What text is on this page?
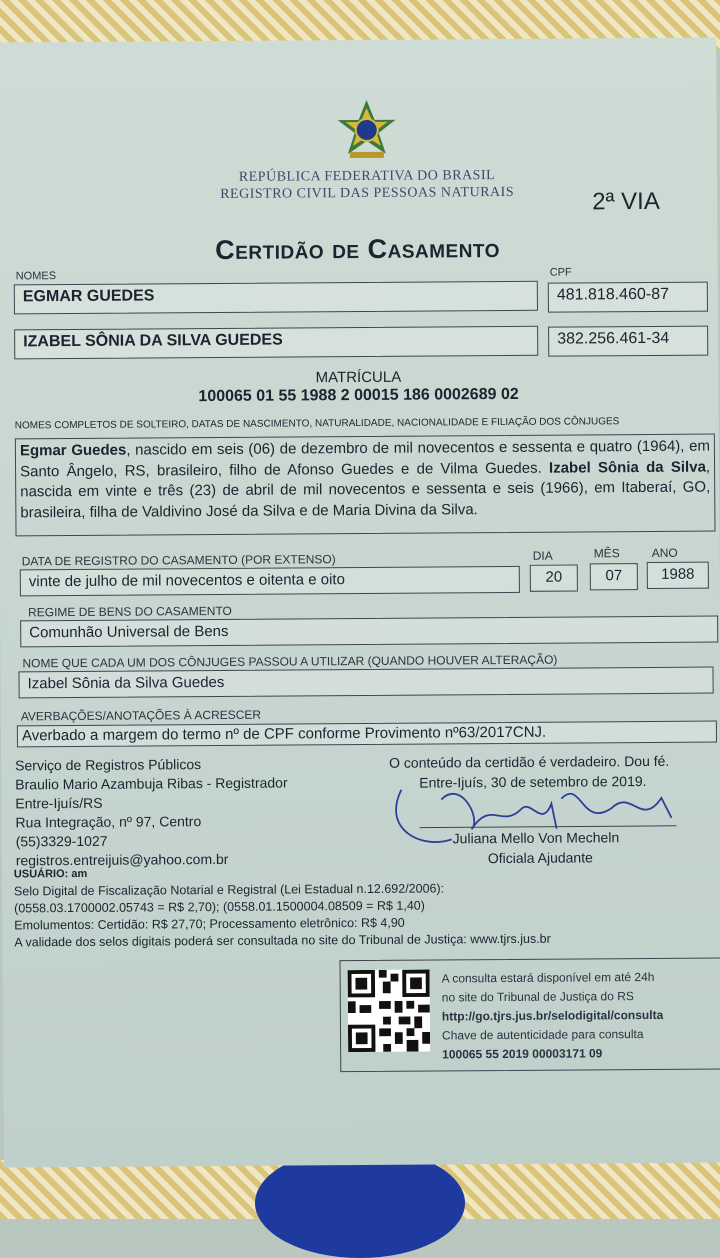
REPÚBLICA FEDERATIVA DO BRASIL
REGISTRO CIVIL DAS PESSOAS NATURAIS	2ª VIA
Certidão de Casamento
NOMES	CPF
EGMAR GUEDES	481.818.460-87
IZABEL SÔNIA DA SILVA GUEDES	382.256.461-34
MATRÍCULA
100065 01 55 1988 2 00015 186 0002689 02
NOMES COMPLETOS DE SOLTEIRO, DATAS DE NASCIMENTO, NATURALIDADE, NACIONALIDADE E FILIAÇÃO DOS CÔNJUGES
Egmar Guedes, nascido em seis (06) de dezembro de mil novecentos e sessenta e quatro (1964), em Santo Ângelo, RS, brasileiro, filho de Afonso Guedes e de Vilma Guedes. Izabel Sônia da Silva, nascida em vinte e três (23) de abril de mil novecentos e sessenta e seis (1966), em Itaberaí, GO, brasileira, filha de Valdivino José da Silva e de Maria Divina da Silva.
DATA DE REGISTRO DO CASAMENTO (POR EXTENSO)	DIA	MÊS	ANO
vinte de julho de mil novecentos e oitenta e oito	20	07	1988
REGIME DE BENS DO CASAMENTO
Comunhão Universal de Bens
NOME QUE CADA UM DOS CÔNJUGES PASSOU A UTILIZAR (QUANDO HOUVER ALTERAÇÃO)
Izabel Sônia da Silva Guedes
AVERBAÇÕES/ANOTAÇÕES À ACRESCER
Averbado a margem do termo nº de CPF conforme Provimento nº63/2017CNJ.
Serviço de Registros Públicos
Braulio Mario Azambuja Ribas - Registrador
Entre-Ijuís/RS
Rua Integração, nº 97, Centro
(55)3329-1027
registros.entreijuis@yahoo.com.br
USUÁRIO: am
Selo Digital de Fiscalização Notarial e Registral (Lei Estadual n.12.692/2006):
(0558.03.1700002.05743 = R$ 2,70); (0558.01.1500004.08509 = R$ 1,40)
Emolumentos: Certidão: R$ 27,70; Processamento eletrônico: R$ 4,90
A validade dos selos digitais poderá ser consultada no site do Tribunal de Justiça: www.tjrs.jus.br
O conteúdo da certidão é verdadeiro. Dou fé.
Entre-Ijuís, 30 de setembro de 2019.
Juliana Mello Von Mecheln
Oficiala Ajudante
A consulta estará disponível em até 24h
no site do Tribunal de Justiça do RS
http://go.tjrs.jus.br/selodigital/consulta
Chave de autenticidade para consulta
100065 55 2019 00003171 09
